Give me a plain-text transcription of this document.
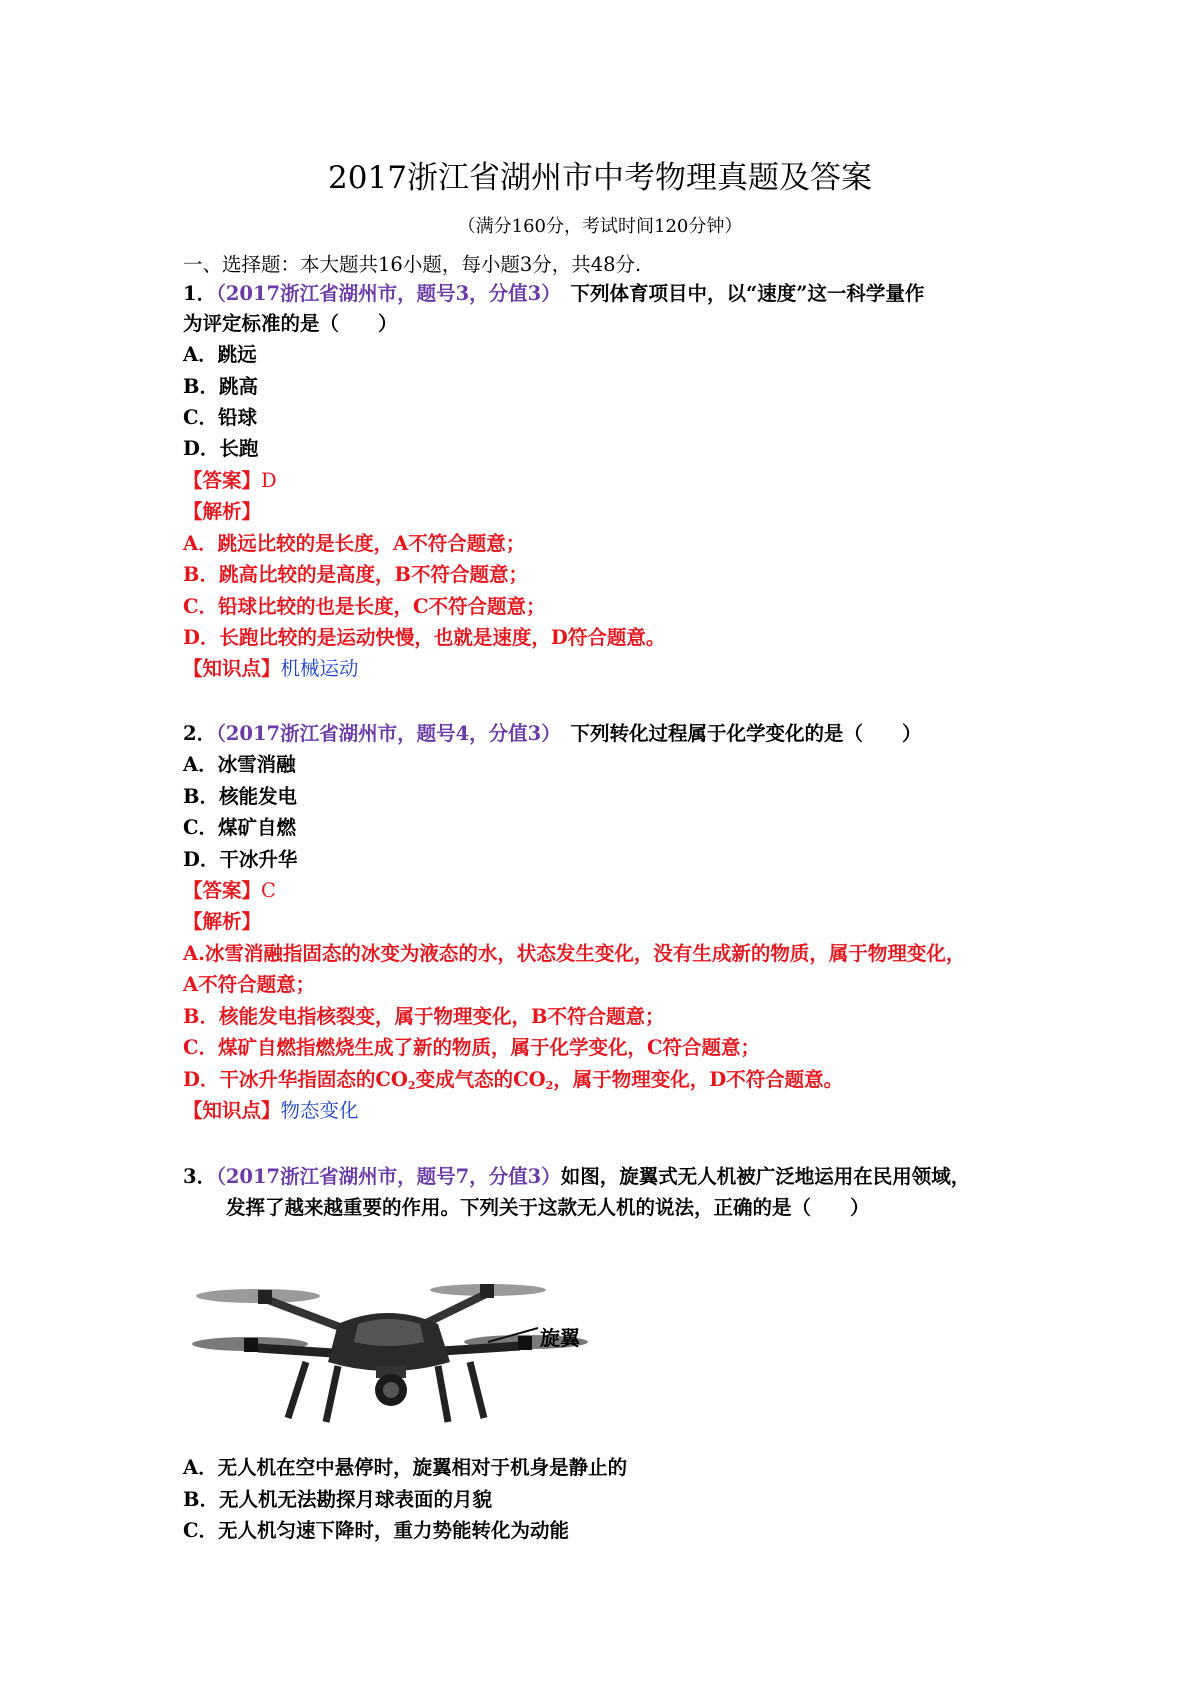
2017浙江省湖州市中考物理真题及答案
（满分160分，考试时间120分钟）
一、选择题：本大题共16小题，每小题3分，共48分.
1．（2017浙江省湖州市，题号3，分值3）　下列体育项目中，以“速度”这一科学量作
为评定标准的是（　　）
A．跳远
B．跳高
C．铅球
D．长跑
【答案】D
【解析】
A．跳远比较的是长度，A不符合题意；
B．跳高比较的是高度，B不符合题意；
C．铅球比较的也是长度，C不符合题意；
D．长跑比较的是运动快慢，也就是速度，D符合题意。
【知识点】机械运动
2．（2017浙江省湖州市，题号4，分值3）　下列转化过程属于化学变化的是（　　）
A．冰雪消融
B．核能发电
C．煤矿自燃
D．干冰升华
【答案】C
【解析】
A.冰雪消融指固态的冰变为液态的水，状态发生变化，没有生成新的物质，属于物理变化，
A不符合题意；
B．核能发电指核裂变，属于物理变化，B不符合题意；
C．煤矿自燃指燃烧生成了新的物质，属于化学变化，C符合题意；
D．干冰升华指固态的$CO_2$变成气态的$CO_2$，属于物理变化，D不符合题意。
【知识点】物态变化
3．（2017浙江省湖州市，题号7，分值3）如图，旋翼式无人机被广泛地运用在民用领域，
发挥了越来越重要的作用。下列关于这款无人机的说法，正确的是（　　）
旋翼
A．无人机在空中悬停时，旋翼相对于机身是静止的
B．无人机无法勘探月球表面的月貌
C．无人机匀速下降时，重力势能转化为动能
